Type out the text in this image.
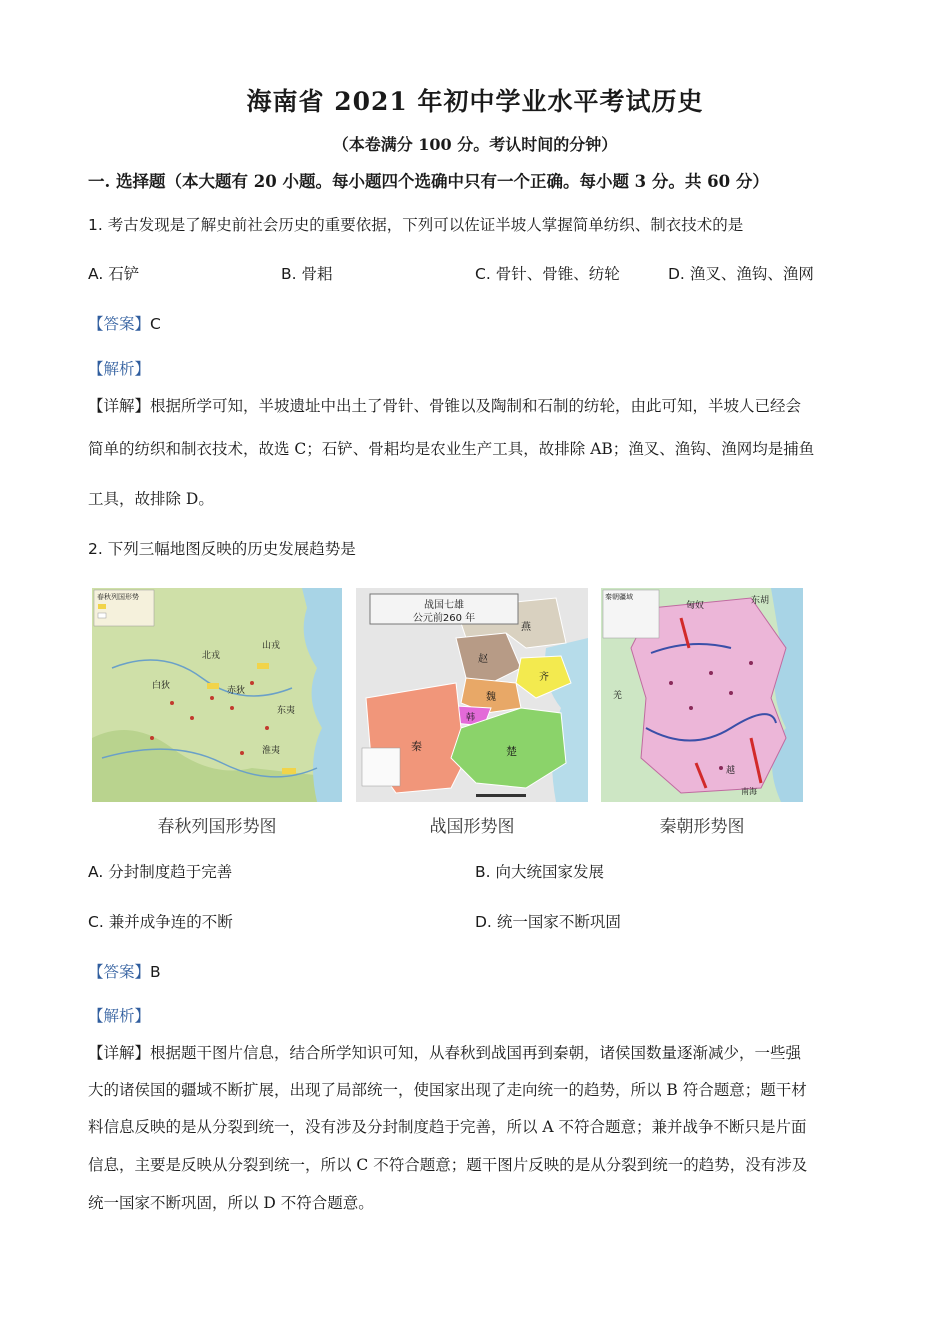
海南省 2021 年初中学业水平考试历史
（本卷满分 100 分。考认时间的分钟）
一. 选择题（本大题有 20 小题。每小题四个选确中只有一个正确。每小题 3 分。共 60 分）
1. 考古发现是了解史前社会历史的重要依据，下列可以佐证半坡人掌握简单纺织、制衣技术的是
A. 石铲	B. 骨耜	C. 骨针、骨锥、纺轮	D. 渔叉、渔钩、渔网
【答案】C
【解析】
【详解】根据所学可知，半坡遗址中出土了骨针、骨锥以及陶制和石制的纺轮，由此可知，半坡人已经会
简单的纺织和制衣技术，故选 C；石铲、骨耜均是农业生产工具，故排除 AB；渔叉、渔钩、渔网均是捕鱼
工具，故排除 D。
2. 下列三幅地图反映的历史发展趋势是
春秋列国形势
山戎
北戎
白狄	赤狄
东夷
淮夷
战国七雄
公元前260 年
燕
赵
齐
魏
韩
秦	楚
秦朝疆域	东胡
匈奴
羌
越
南海
春秋列国形势图	战国形势图	秦朝形势图
A. 分封制度趋于完善	B. 向大统国家发展
C. 兼并成争连的不断	D. 统一国家不断巩固
【答案】B
【解析】
【详解】根据题干图片信息，结合所学知识可知，从春秋到战国再到秦朝，诸侯国数量逐渐减少，一些强
大的诸侯国的疆域不断扩展，出现了局部统一，使国家出现了走向统一的趋势，所以 B 符合题意；题干材
料信息反映的是从分裂到统一，没有涉及分封制度趋于完善，所以 A 不符合题意；兼并战争不断只是片面
信息，主要是反映从分裂到统一，所以 C 不符合题意；题干图片反映的是从分裂到统一的趋势，没有涉及
统一国家不断巩固，所以 D 不符合题意。
